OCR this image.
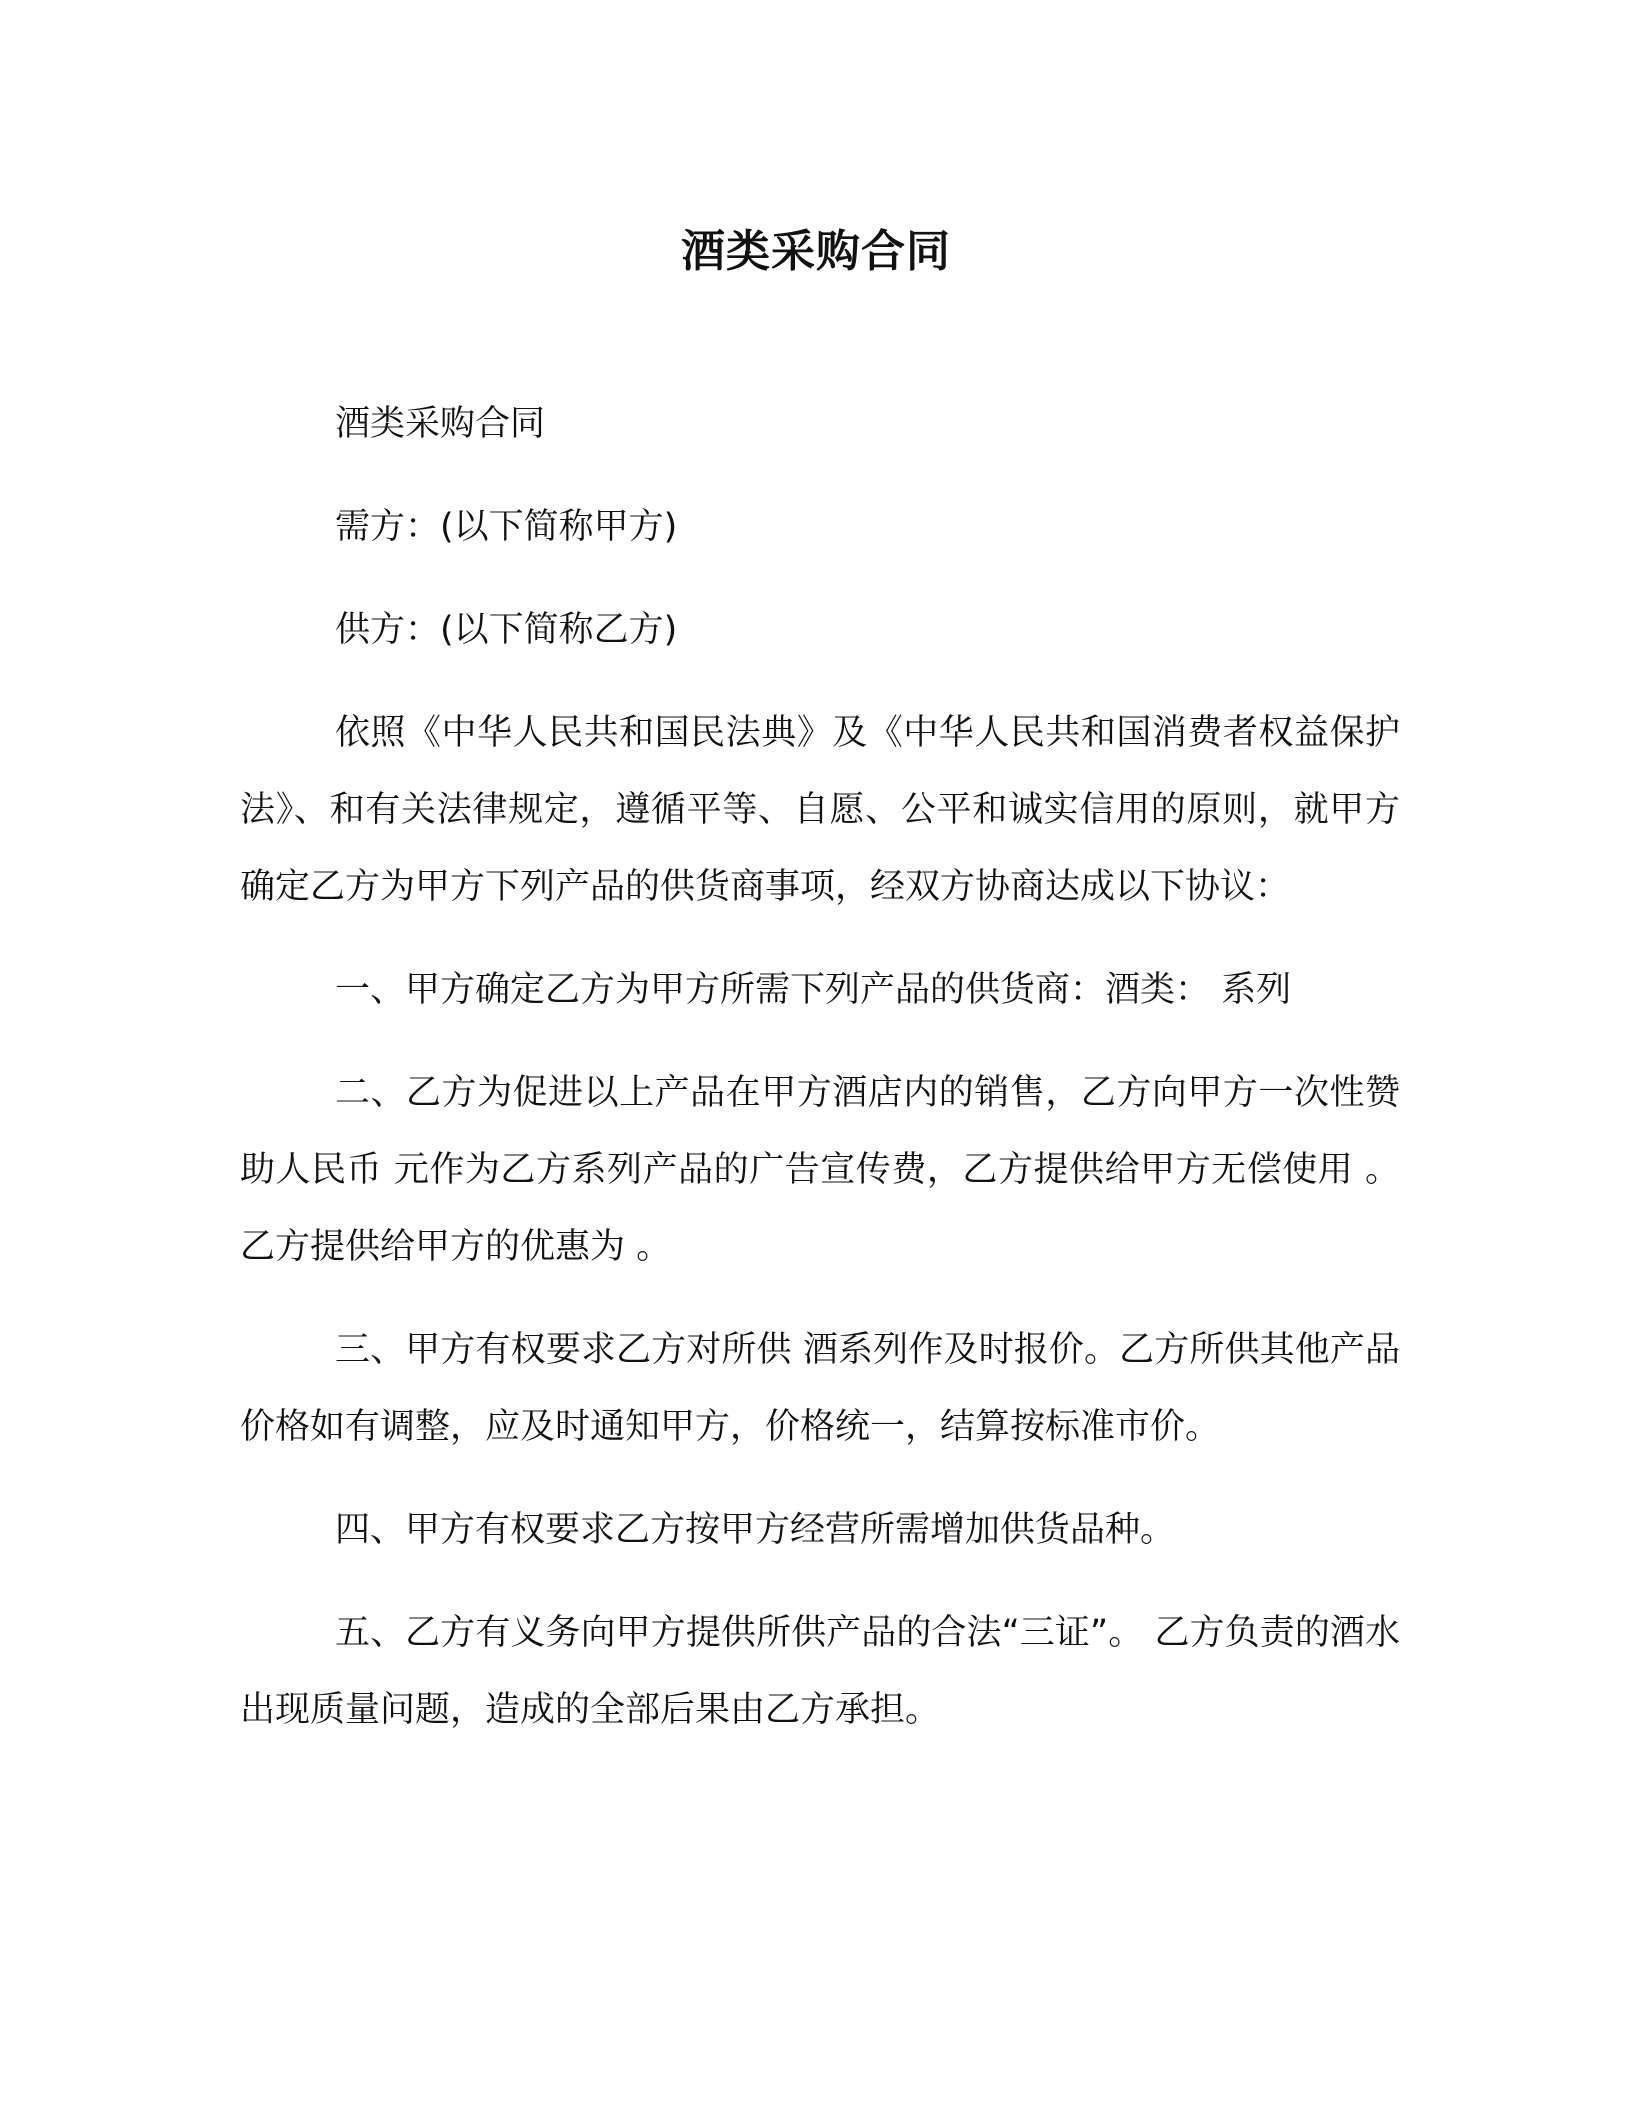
酒类采购合同

酒类采购合同

需方：(以下简称甲方)

供方：(以下简称乙方)

依照《中华人民共和国民法典》及《中华人民共和国消费者权益保护法》、和有关法律规定，遵循平等、自愿、公平和诚实信用的原则，就甲方确定乙方为甲方下列产品的供货商事项，经双方协商达成以下协议：

一、甲方确定乙方为甲方所需下列产品的供货商：酒类： 系列

二、乙方为促进以上产品在甲方酒店内的销售，乙方向甲方一次性赞助人民币 元作为乙方系列产品的广告宣传费，乙方提供给甲方无偿使用 。乙方提供给甲方的优惠为 。

三、甲方有权要求乙方对所供 酒系列作及时报价。乙方所供其他产品价格如有调整，应及时通知甲方，价格统一，结算按标准市价。

四、甲方有权要求乙方按甲方经营所需增加供货品种。

五、乙方有义务向甲方提供所供产品的合法“三证”。 乙方负责的酒水出现质量问题，造成的全部后果由乙方承担。
